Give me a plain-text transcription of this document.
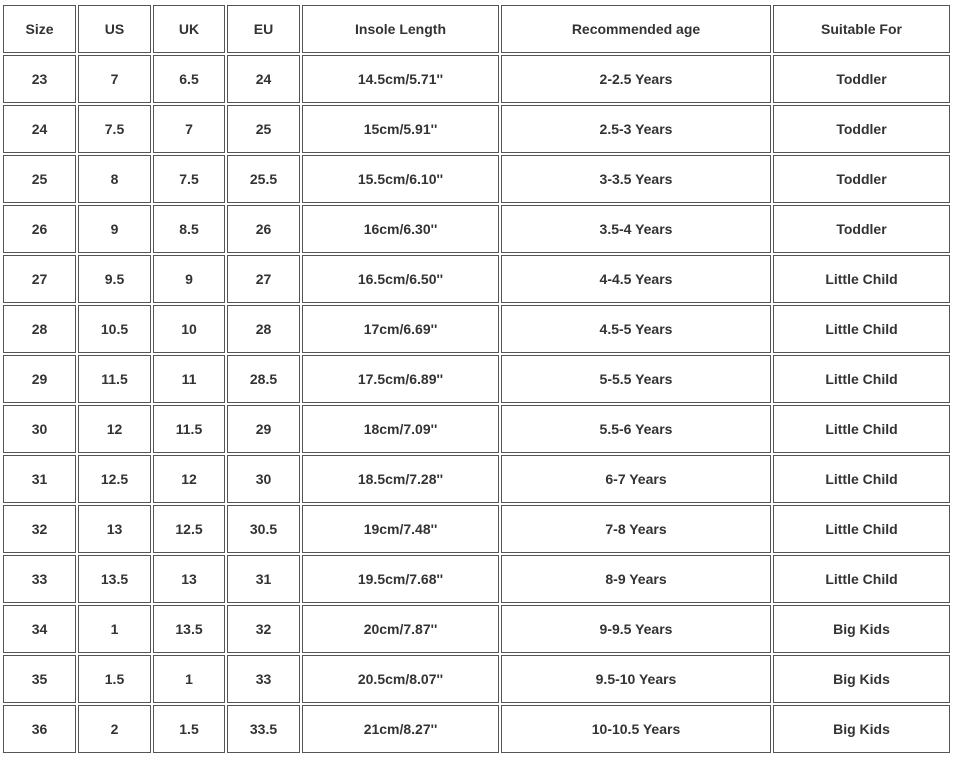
Size	US	UK	EU	Insole Length	Recommended age	Suitable For
23	7	6.5	24	14.5cm/5.71''	2-2.5 Years	Toddler
24	7.5	7	25	15cm/5.91''	2.5-3 Years	Toddler
25	8	7.5	25.5	15.5cm/6.10''	3-3.5 Years	Toddler
26	9	8.5	26	16cm/6.30''	3.5-4 Years	Toddler
27	9.5	9	27	16.5cm/6.50''	4-4.5 Years	Little Child
28	10.5	10	28	17cm/6.69''	4.5-5 Years	Little Child
29	11.5	11	28.5	17.5cm/6.89''	5-5.5 Years	Little Child
30	12	11.5	29	18cm/7.09''	5.5-6 Years	Little Child
31	12.5	12	30	18.5cm/7.28''	6-7 Years	Little Child
32	13	12.5	30.5	19cm/7.48''	7-8 Years	Little Child
33	13.5	13	31	19.5cm/7.68''	8-9 Years	Little Child
34	1	13.5	32	20cm/7.87''	9-9.5 Years	Big Kids
35	1.5	1	33	20.5cm/8.07''	9.5-10 Years	Big Kids
36	2	1.5	33.5	21cm/8.27''	10-10.5 Years	Big Kids
